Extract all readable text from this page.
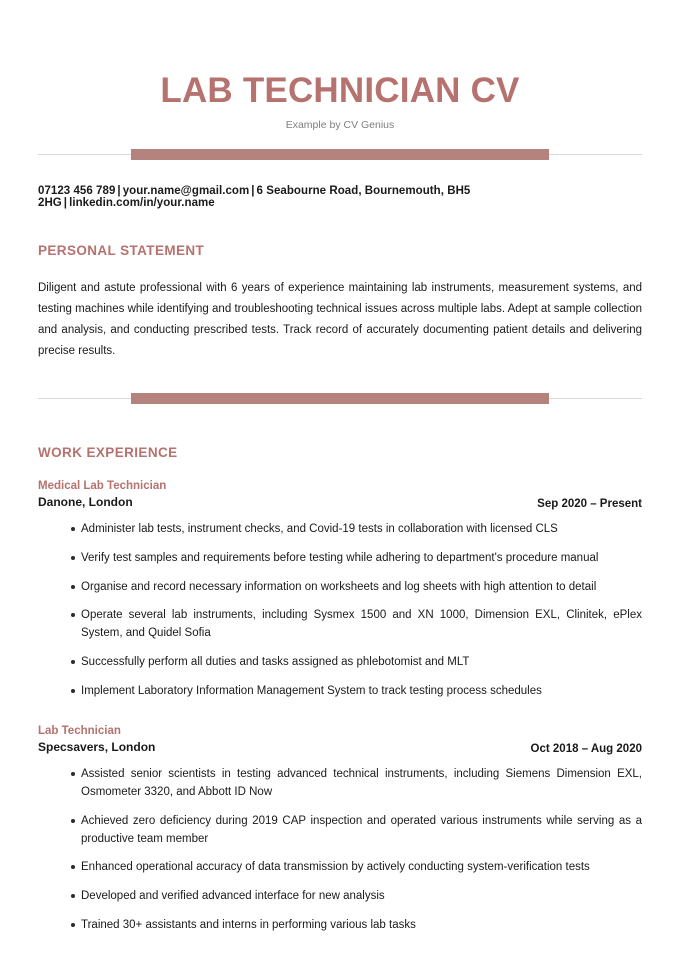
LAB TECHNICIAN CV
Example by CV Genius
07123 456 789 | your.name@gmail.com | 6 Seabourne Road, Bournemouth, BH5 2HG | linkedin.com/in/your.name
PERSONAL STATEMENT
Diligent and astute professional with 6 years of experience maintaining lab instruments, measurement systems, and testing machines while identifying and troubleshooting technical issues across multiple labs. Adept at sample collection and analysis, and conducting prescribed tests. Track record of accurately documenting patient details and delivering precise results.
WORK EXPERIENCE
Medical Lab Technician
Danone, London	Sep 2020 – Present
Administer lab tests, instrument checks, and Covid-19 tests in collaboration with licensed CLS
Verify test samples and requirements before testing while adhering to department's procedure manual
Organise and record necessary information on worksheets and log sheets with high attention to detail
Operate several lab instruments, including Sysmex 1500 and XN 1000, Dimension EXL, Clinitek, ePlex System, and Quidel Sofia
Successfully perform all duties and tasks assigned as phlebotomist and MLT
Implement Laboratory Information Management System to track testing process schedules
Lab Technician
Specsavers, London	Oct 2018 – Aug 2020
Assisted senior scientists in testing advanced technical instruments, including Siemens Dimension EXL, Osmometer 3320, and Abbott ID Now
Achieved zero deficiency during 2019 CAP inspection and operated various instruments while serving as a productive team member
Enhanced operational accuracy of data transmission by actively conducting system-verification tests
Developed and verified advanced interface for new analysis
Trained 30+ assistants and interns in performing various lab tasks
